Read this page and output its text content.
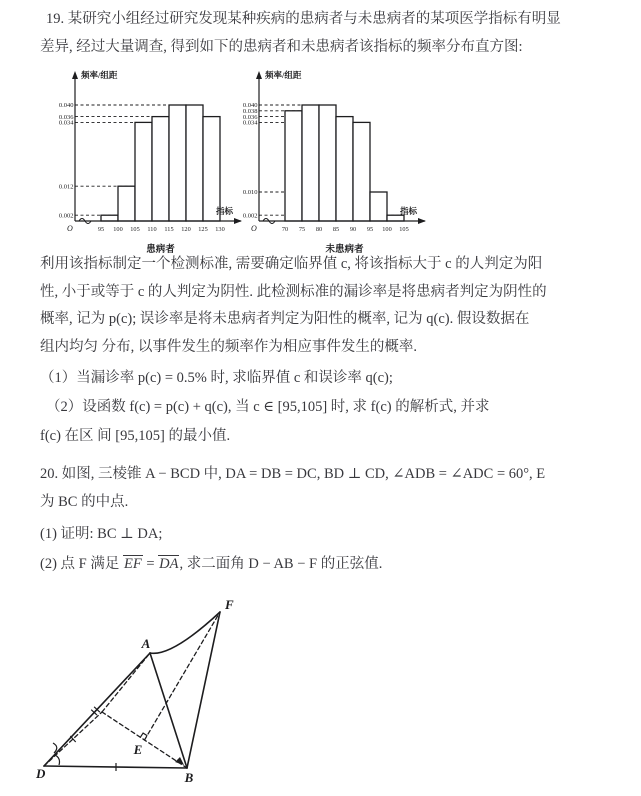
19. 某研究小组经过研究发现某种疾病的患病者与未患病者的某项医学指标有明显
差异, 经过大量调查, 得到如下的患病者和未患病者该指标的频率分布直方图:
0.040
0.036
0.034
0.012
0.002
95 100 105 110 115 120 125 130
频率/组距
指标
O
患病者
0.040
0.038
0.036
0.034
0.010
0.002
70 75 80 85 90 95 100 105
频率/组距
指标
O
未患病者
利用该指标制定一个检测标准, 需要确定临界值 c, 将该指标大于 c 的人判定为阳
性, 小于或等于 c 的人判定为阴性. 此检测标准的漏诊率是将患病者判定为阴性的
概率, 记为 p(c); 误诊率是将未患病者判定为阳性的概率, 记为 q(c). 假设数据在
组内均匀 分布, 以事件发生的频率作为相应事件发生的概率.
（1）当漏诊率 p(c) = 0.5% 时, 求临界值 c 和误诊率 q(c);
（2）设函数 f(c) = p(c) + q(c), 当 c ∈ [95,105] 时, 求 f(c) 的解析式, 并求
f(c) 在区 间 [95,105] 的最小值.
20. 如图, 三棱锥 A − BCD 中, DA = DB = DC, BD ⊥ CD, ∠ADB = ∠ADC = 60°, E
为 BC 的中点.
(1) 证明: BC ⊥ DA;
(2) 点 F 满足 EF = DA, 求二面角 D − AB − F 的正弦值.
A
B
D
E
F
